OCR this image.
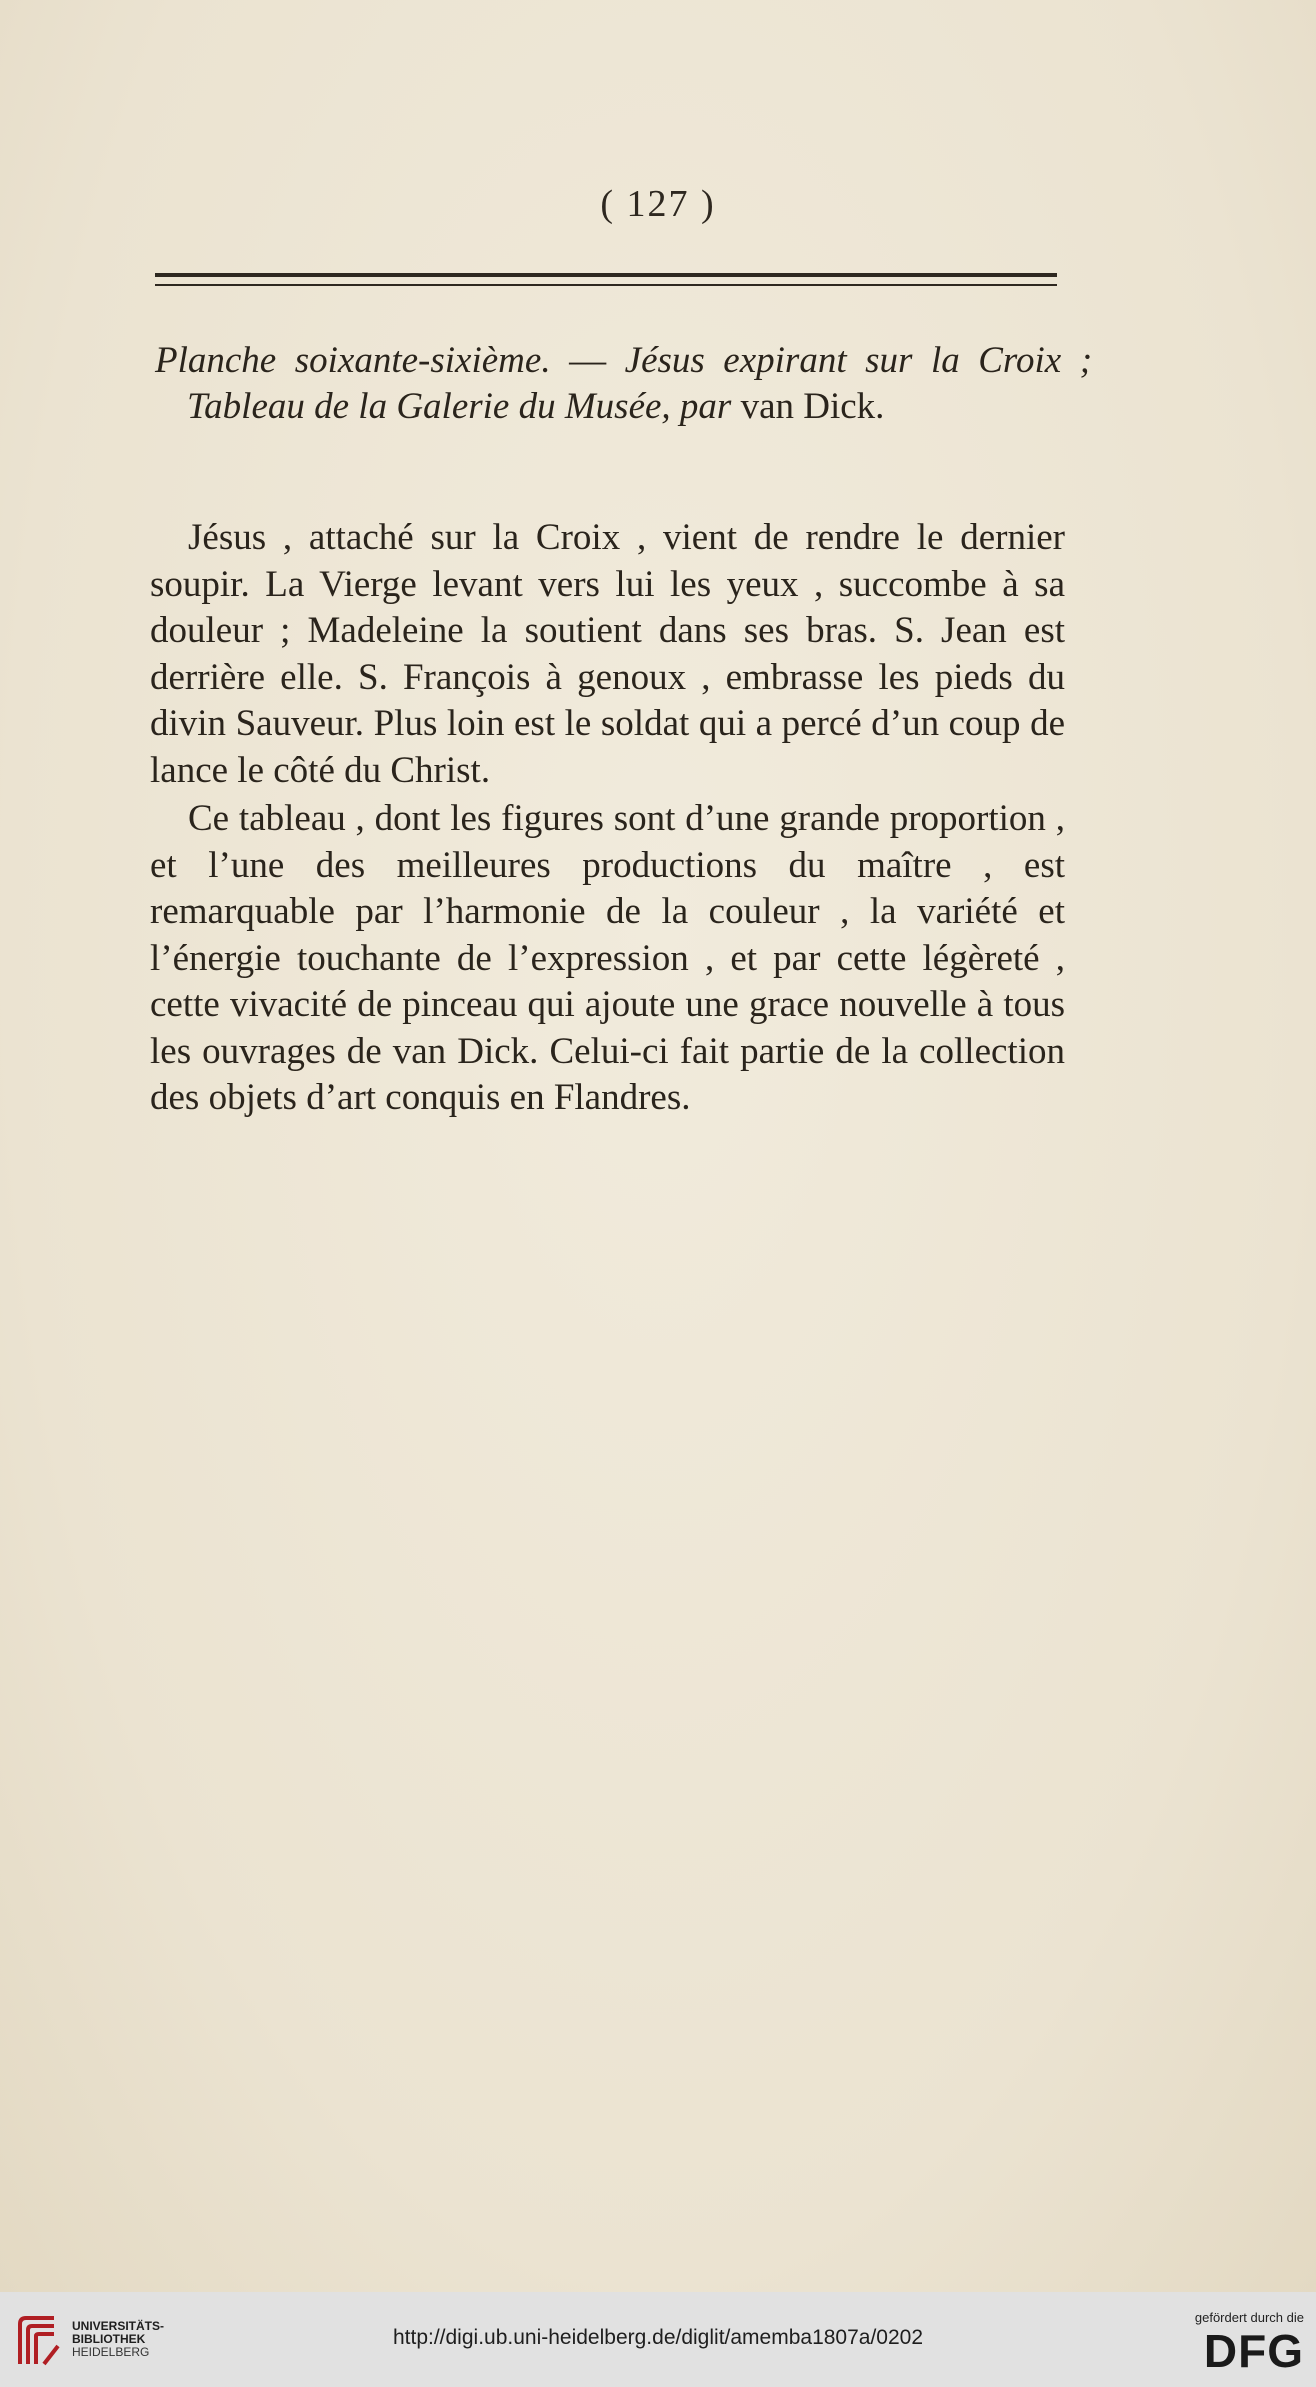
( 127 )
Planche soixante-sixième. — Jésus expirant sur la Croix ; Tableau de la Galerie du Musée, par van Dick.

Jésus , attaché sur la Croix , vient de rendre le dernier soupir. La Vierge levant vers lui les yeux , succombe à sa douleur ; Madeleine la soutient dans ses bras. S. Jean est derrière elle. S. François à genoux , embrasse les pieds du divin Sauveur. Plus loin est le soldat qui a percé d’un coup de lance le côté du Christ.

Ce tableau , dont les figures sont d’une grande proportion , et l’une des meilleures productions du maître , est remarquable par l’harmonie de la couleur , la variété et l’énergie touchante de l’expression , et par cette légèreté , cette vivacité de pinceau qui ajoute une grace nouvelle à tous les ouvrages de van Dick. Celui-ci fait partie de la collection des objets d’art conquis en Flandres.

UNIVERSITÄTS-
BIBLIOTHEK
HEIDELBERG
http://digi.ub.uni-heidelberg.de/diglit/amemba1807a/0202
gefördert durch die
DFG
